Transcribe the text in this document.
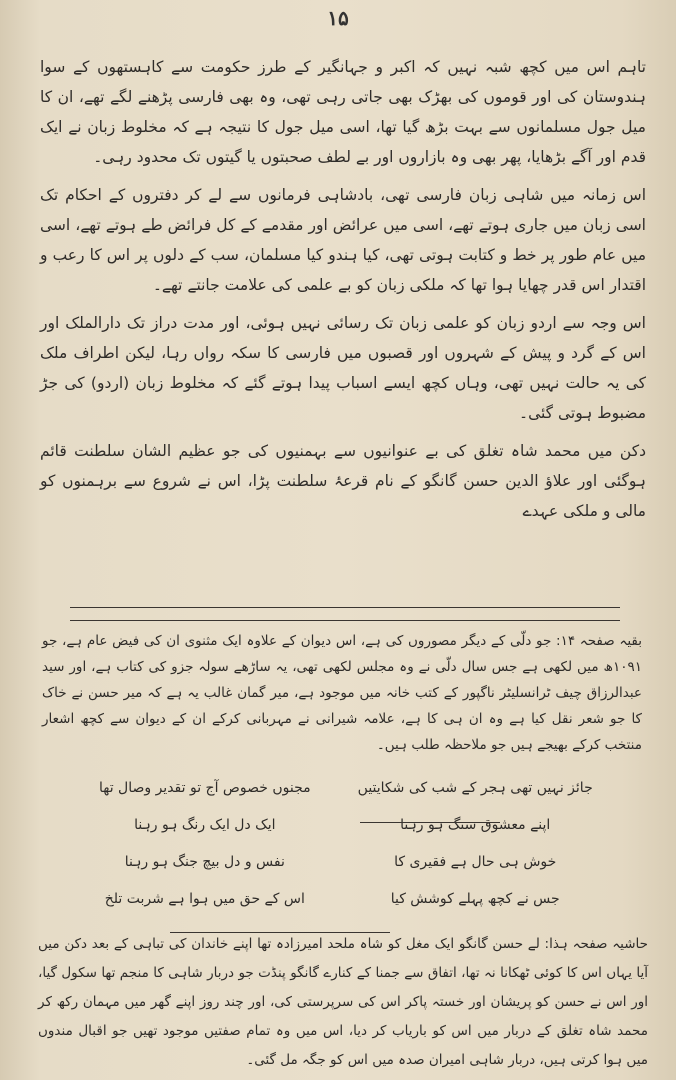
۱۵

تاہم اس میں کچھ شبہ نہیں کہ اکبر و جہانگیر کے طرز حکومت سے کاہستھوں کے سوا ہندوستان کی اور قوموں کی بھڑک بھی جاتی رہی تھی، وہ بھی فارسی پڑھنے لگے تھے، ان کا میل جول مسلمانوں سے بہت بڑھ گیا تھا، اسی میل جول کا نتیجہ ہے کہ مخلوط زبان نے ایک قدم اور آگے بڑھایا، پھر بھی وہ بازاروں اور بے لطف صحبتوں یا گیتوں تک محدود رہی۔

اس زمانہ میں شاہی زبان فارسی تھی، بادشاہی فرمانوں سے لے کر دفتروں کے احکام تک اسی زبان میں جاری ہوتے تھے، اسی میں عرائض اور مقدمے کے کل فرائض طے ہوتے تھے، اسی میں عام طور پر خط و کتابت ہوتی تھی، کیا ہندو کیا مسلمان، سب کے دلوں پر اس کا رعب و اقتدار اس قدر چھایا ہوا تھا کہ ملکی زبان کو بے علمی کی علامت جانتے تھے۔

اس وجہ سے اردو زبان کو علمی زبان تک رسائی نہیں ہوئی، اور مدت دراز تک دارالملک اور اس کے گرد و پیش کے شہروں اور قصبوں میں فارسی کا سکہ رواں رہا، لیکن اطراف ملک کی یہ حالت نہیں تھی، وہاں کچھ ایسے اسباب پیدا ہوتے گئے کہ مخلوط زبان (اردو) کی جڑ مضبوط ہوتی گئی۔

دکن میں محمد شاہ تغلق کی بے عنوانیوں سے بہمنیوں کی جو عظیم الشان سلطنت قائم ہوگئی اور علاؤ الدین حسن گانگو کے نام قرعۂ سلطنت پڑا، اس نے شروع سے برہمنوں کو مالی و ملکی عہدے

بقیہ صفحہ ۱۴: جو دلّی کے دیگر مصوروں کی ہے، اس دیوان کے علاوہ ایک مثنوی ان کی فیض عام ہے، جو ۱۰۹۱ھ میں لکھی ہے جس سال دلّی نے وہ مجلس لکھی تھی، یہ ساڑھے سولہ جزو کی کتاب ہے، اور سید عبدالرزاق چیف ٹرانسلیٹر ناگپور کے کتب خانہ میں موجود ہے، میر گمان غالب یہ ہے کہ میر حسن نے خاک کا جو شعر نقل کیا ہے وہ ان ہی کا ہے، علامہ شیرانی نے مہربانی کرکے ان کے دیوان سے کچھ اشعار منتخب کرکے بھیجے ہیں جو ملاحظہ طلب ہیں۔
جائز نہیں تھی ہجر کے شب کی شکایتیں
مجنوں خصوص آج تو تقدیر وصال تھا
اپنے معشوق سنگ ہو رہنا
ایک دل ایک رنگ ہو رہنا
خوش ہی حال ہے فقیری کا
نفس و دل بیچ جنگ ہو رہنا
جس نے کچھ پہلے کوشش کیا
اس کے حق میں ہوا ہے شربت تلخ
حاشیہ صفحہ ہذا: لے حسن گانگو ایک مغل کو شاہ ملحد امیرزادہ تھا اپنے خاندان کی تباہی کے بعد دکن میں آیا یہاں اس کا کوئی ٹھکانا نہ تھا، اتفاق سے جمنا کے کنارے گانگو پنڈت جو دربار شاہی کا منجم تھا سکول گیا، اور اس نے حسن کو پریشان اور خستہ پاکر اس کی سرپرستی کی، اور چند روز اپنے گھر میں مہمان رکھ کر محمد شاہ تغلق کے دربار میں اس کو باریاب کر دیا، اس میں وہ تمام صفتیں موجود تھیں جو اقبال مندوں میں ہوا کرتی ہیں، دربار شاہی امیران صدہ میں اس کو جگہ مل گئی۔
